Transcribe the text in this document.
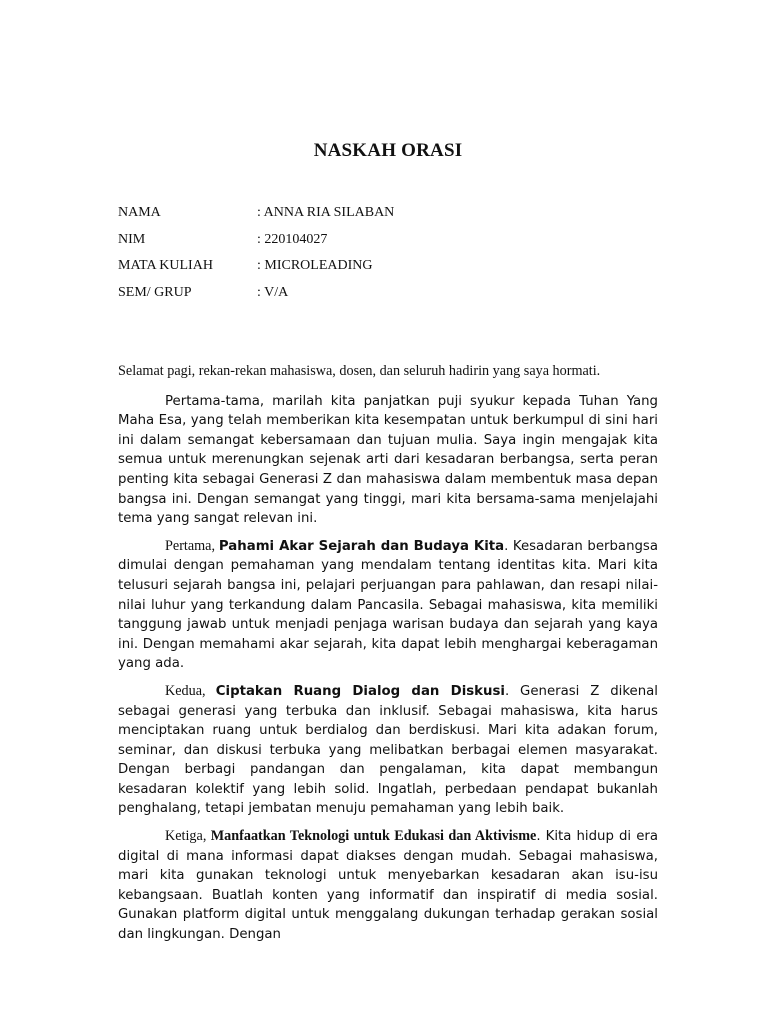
NASKAH ORASI
NAMA	: ANNA RIA SILABAN
NIM	: 220104027
MATA KULIAH	: MICROLEADING
SEM/ GRUP	: V/A

Selamat pagi, rekan-rekan mahasiswa, dosen, dan seluruh hadirin yang saya hormati.

Pertama-tama, marilah kita panjatkan puji syukur kepada Tuhan Yang Maha Esa, yang telah memberikan kita kesempatan untuk berkumpul di sini hari ini dalam semangat kebersamaan dan tujuan mulia. Saya ingin mengajak kita semua untuk merenungkan sejenak arti dari kesadaran berbangsa, serta peran penting kita sebagai Generasi Z dan mahasiswa dalam membentuk masa depan bangsa ini. Dengan semangat yang tinggi, mari kita bersama-sama menjelajahi tema yang sangat relevan ini.

Pertama, Pahami Akar Sejarah dan Budaya Kita. Kesadaran berbangsa dimulai dengan pemahaman yang mendalam tentang identitas kita. Mari kita telusuri sejarah bangsa ini, pelajari perjuangan para pahlawan, dan resapi nilai-nilai luhur yang terkandung dalam Pancasila. Sebagai mahasiswa, kita memiliki tanggung jawab untuk menjadi penjaga warisan budaya dan sejarah yang kaya ini. Dengan memahami akar sejarah, kita dapat lebih menghargai keberagaman yang ada.

Kedua, Ciptakan Ruang Dialog dan Diskusi. Generasi Z dikenal sebagai generasi yang terbuka dan inklusif. Sebagai mahasiswa, kita harus menciptakan ruang untuk berdialog dan berdiskusi. Mari kita adakan forum, seminar, dan diskusi terbuka yang melibatkan berbagai elemen masyarakat. Dengan berbagi pandangan dan pengalaman, kita dapat membangun kesadaran kolektif yang lebih solid. Ingatlah, perbedaan pendapat bukanlah penghalang, tetapi jembatan menuju pemahaman yang lebih baik.

Ketiga, Manfaatkan Teknologi untuk Edukasi dan Aktivisme. Kita hidup di era digital di mana informasi dapat diakses dengan mudah. Sebagai mahasiswa, mari kita gunakan teknologi untuk menyebarkan kesadaran akan isu-isu kebangsaan. Buatlah konten yang informatif dan inspiratif di media sosial. Gunakan platform digital untuk menggalang dukungan terhadap gerakan sosial dan lingkungan. Dengan
